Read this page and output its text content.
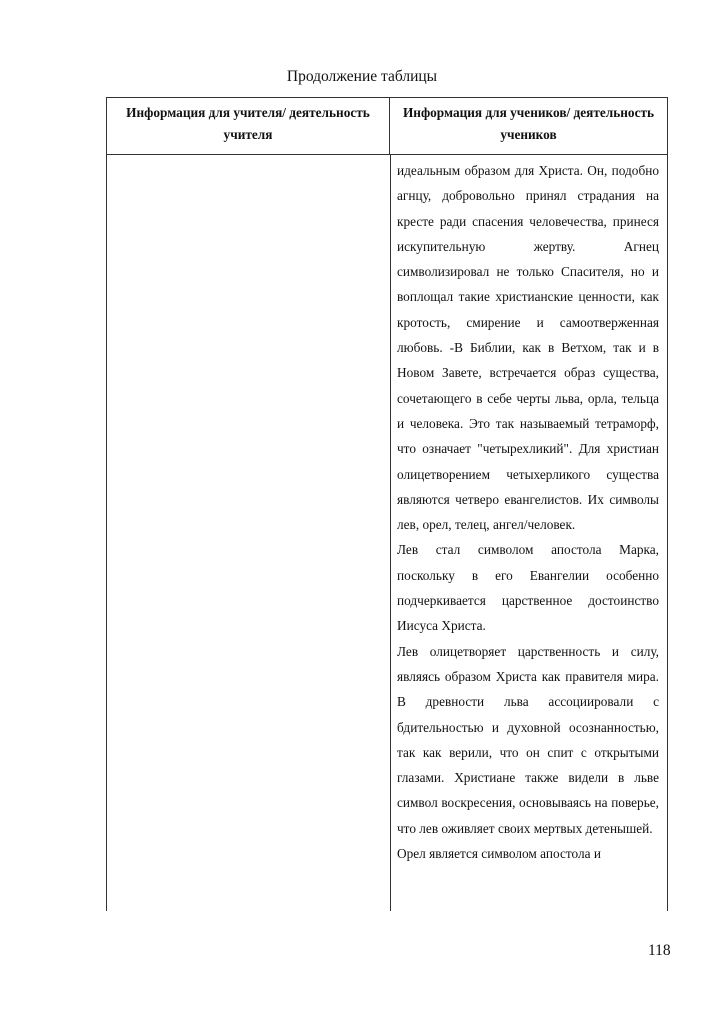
Продолжение таблицы
Информация для учителя/ деятельность учителя
Информация для учеников/ деятельность учеников

идеальным образом для Христа. Он, подобно агнцу, добровольно принял страдания на кресте ради спасения человечества, принеся искупительную жертву. Агнец символизировал не только Спасителя, но и воплощал такие христианские ценности, как кротость, смирение и самоотверженная любовь. -В Библии, как в Ветхом, так и в Новом Завете, встречается образ существа, сочетающего в себе черты льва, орла, тельца и человека. Это так называемый тетраморф, что означает "четырехликий". Для христиан олицетворением четыхерликого существа являются четверо евангелистов. Их символы лев, орел, телец, ангел/человек.

Лев стал символом апостола Марка, поскольку в его Евангелии особенно подчеркивается царственное достоинство Иисуса Христа.

Лев олицетворяет царственность и силу, являясь образом Христа как правителя мира. В древности льва ассоциировали с бдительностью и духовной осознанностью, так как верили, что он спит с открытыми глазами. Христиане также видели в льве символ воскресения, основываясь на поверье, что лев оживляет своих мертвых детенышей.

Орел является символом апостола и

118
